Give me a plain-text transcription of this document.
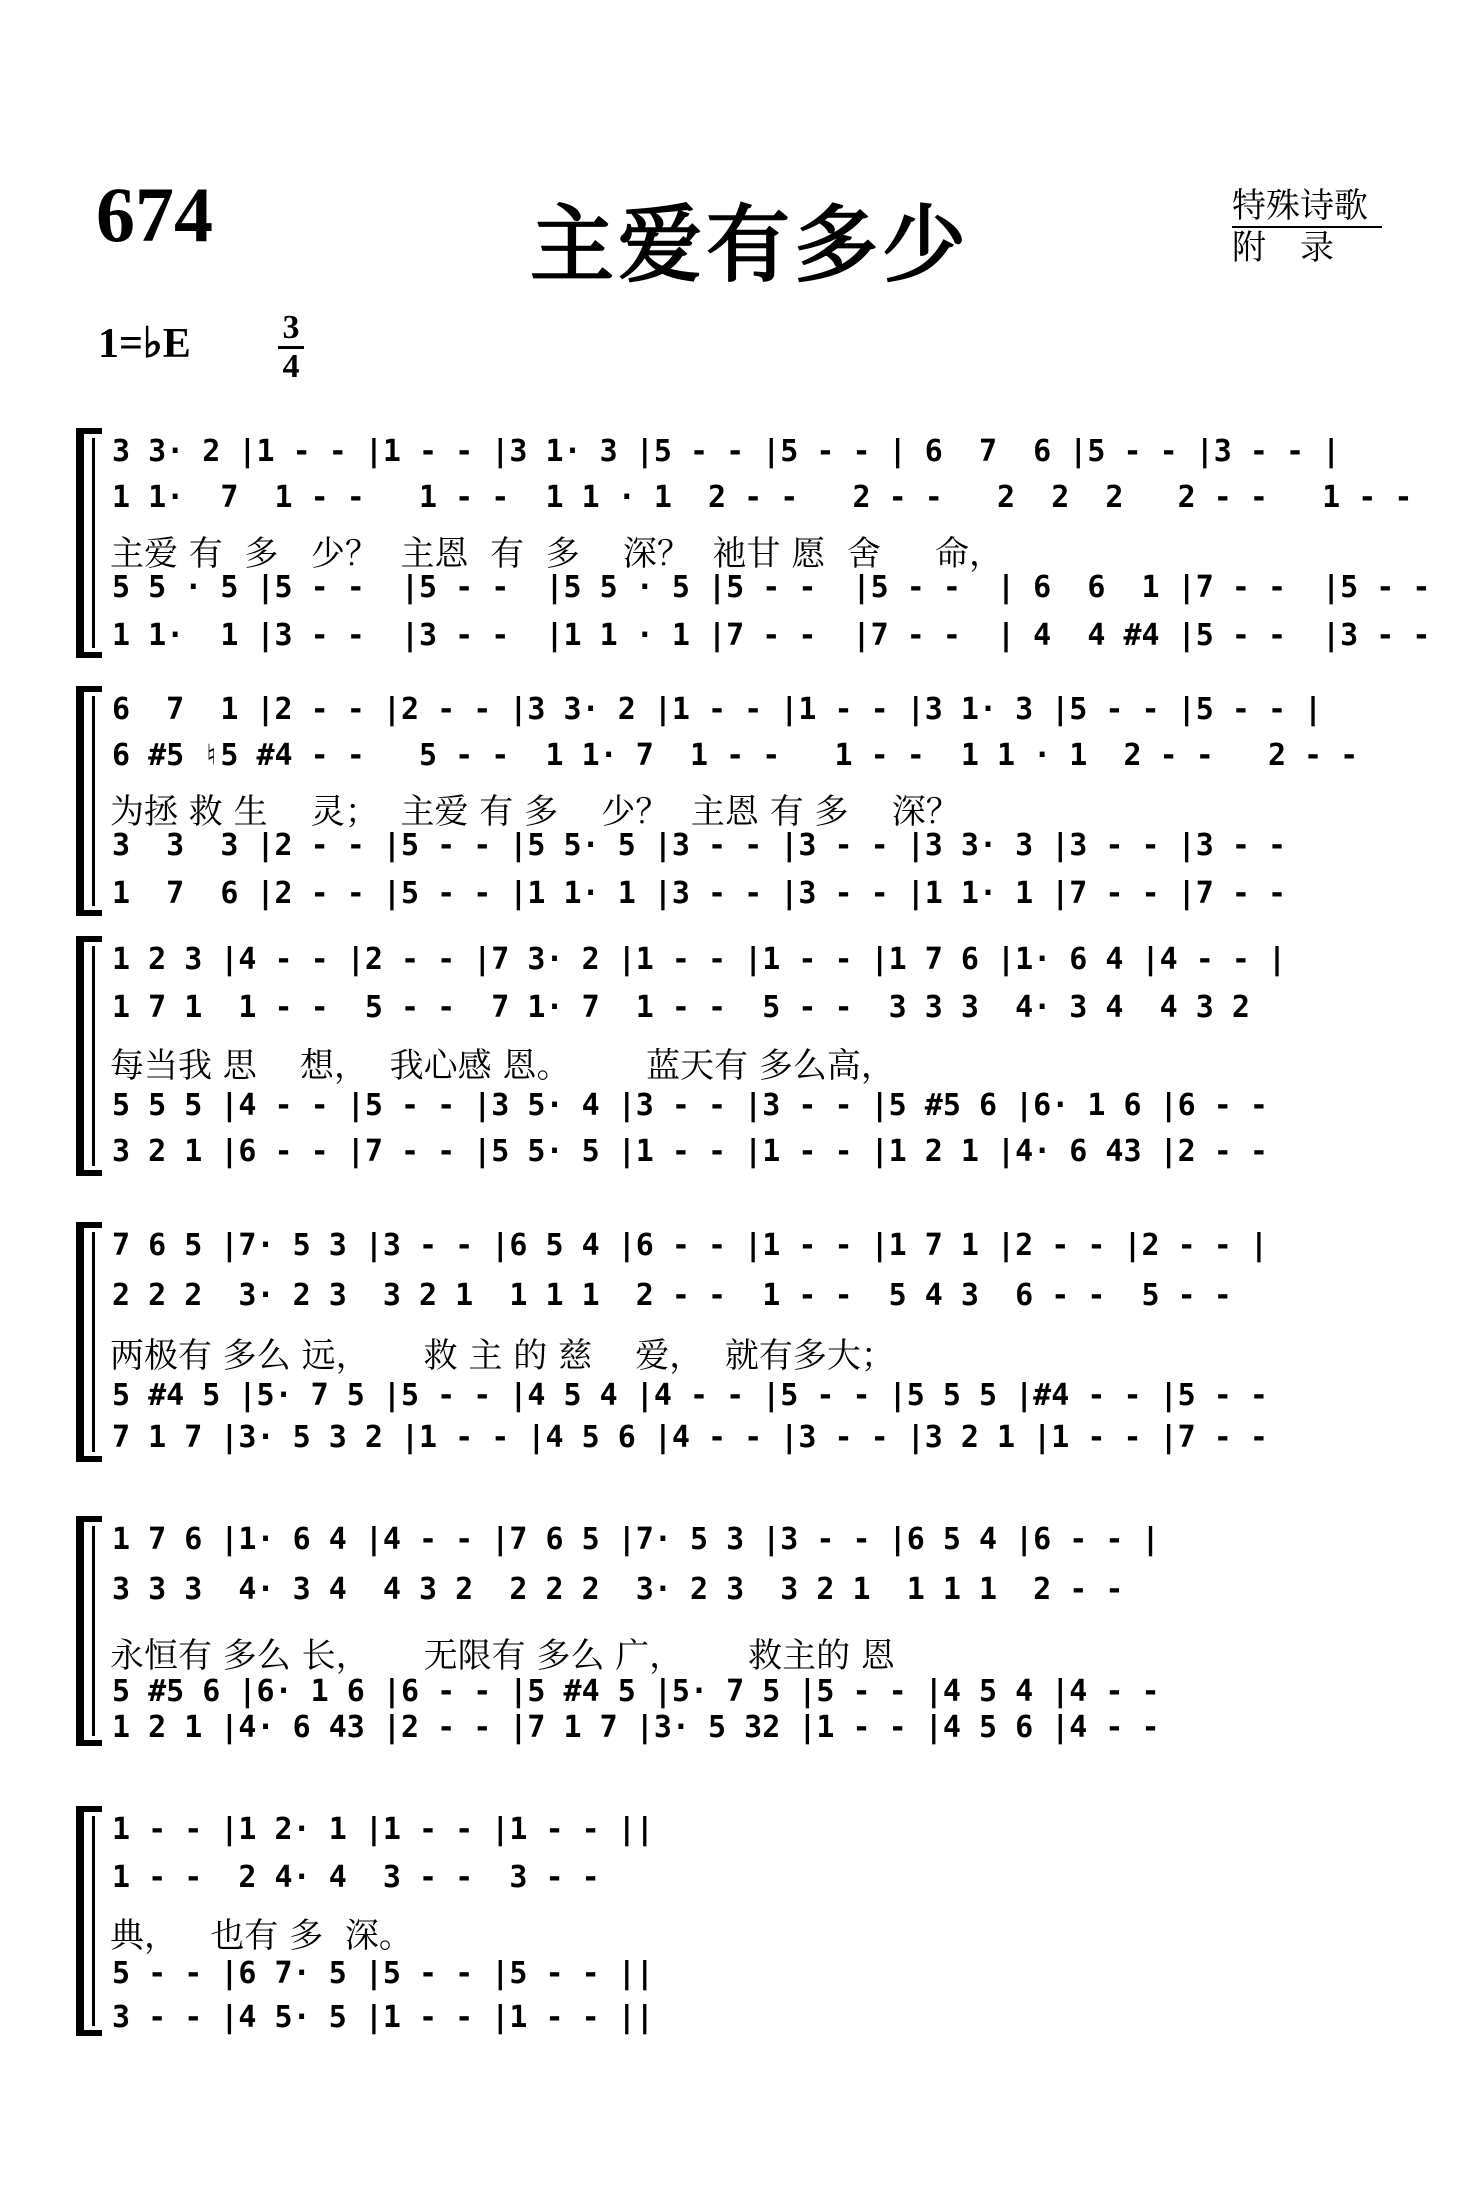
674	主爱有多少	特殊诗歌
附录
1=♭E	3
4
3 3· 2 |1 - - |1 - - |3 1· 3 |5 - - |5 - - | 6  7  6 |5 - - |3 - - |
1 1·  7  1 - -   1 - -  1 1 · 1  2 - -   2 - -   2  2  2   2 - -   1 - -
主爱 有  多   少？  主恩  有  多    深？  祂甘 愿  舍     命，
5 5 · 5 |5 - -  |5 - -  |5 5 · 5 |5 - -  |5 - -  | 6  6  1 |7 - -  |5 - -
1 1·  1 |3 - -  |3 - -  |1 1 · 1 |7 - -  |7 - -  | 4  4 #4 |5 - -  |3 - -
6  7  1 |2 - - |2 - - |3 3· 2 |1 - - |1 - - |3 1· 3 |5 - - |5 - - |
6 #5 ♮5 #4 - -   5 - -  1 1· 7  1 - -   1 - -  1 1 · 1  2 - -   2 - -
为拯 救 生    灵；  主爱 有 多    少？  主恩 有 多    深？
3  3  3 |2 - - |5 - - |5 5· 5 |3 - - |3 - - |3 3· 3 |3 - - |3 - -
1  7  6 |2 - - |5 - - |1 1· 1 |3 - - |3 - - |1 1· 1 |7 - - |7 - -
1 2 3 |4 - - |2 - - |7 3· 2 |1 - - |1 - - |1 7 6 |1· 6 4 |4 - - |
1 7 1  1 - -  5 - -  7 1· 7  1 - -  5 - -  3 3 3  4· 3 4  4 3 2
每当我 思    想，  我心感 恩。       蓝天有 多么高，
5 5 5 |4 - - |5 - - |3 5· 4 |3 - - |3 - - |5 #5 6 |6· 1 6 |6 - -
3 2 1 |6 - - |7 - - |5 5· 5 |1 - - |1 - - |1 2 1 |4· 6 43 |2 - -
7 6 5 |7· 5 3 |3 - - |6 5 4 |6 - - |1 - - |1 7 1 |2 - - |2 - - |
2 2 2  3· 2 3  3 2 1  1 1 1  2 - -  1 - -  5 4 3  6 - -  5 - -
两极有 多么 远，     救 主 的 慈    爱，  就有多大；
5 #4 5 |5· 7 5 |5 - - |4 5 4 |4 - - |5 - - |5 5 5 |#4 - - |5 - -
7 1 7 |3· 5 3 2 |1 - - |4 5 6 |4 - - |3 - - |3 2 1 |1 - - |7 - -
1 7 6 |1· 6 4 |4 - - |7 6 5 |7· 5 3 |3 - - |6 5 4 |6 - - |
3 3 3  4· 3 4  4 3 2  2 2 2  3· 2 3  3 2 1  1 1 1  2 - -
永恒有 多么 长，     无限有 多么 广，      救主的 恩
5 #5 6 |6· 1 6 |6 - - |5 #4 5 |5· 7 5 |5 - - |4 5 4 |4 - -
1 2 1 |4· 6 43 |2 - - |7 1 7 |3· 5 32 |1 - - |4 5 6 |4 - -
1 - - |1 2· 1 |1 - - |1 - - ||
1 - -  2 4· 4  3 - -  3 - -
典，   也有 多  深。
5 - - |6 7· 5 |5 - - |5 - - ||
3 - - |4 5· 5 |1 - - |1 - - ||
